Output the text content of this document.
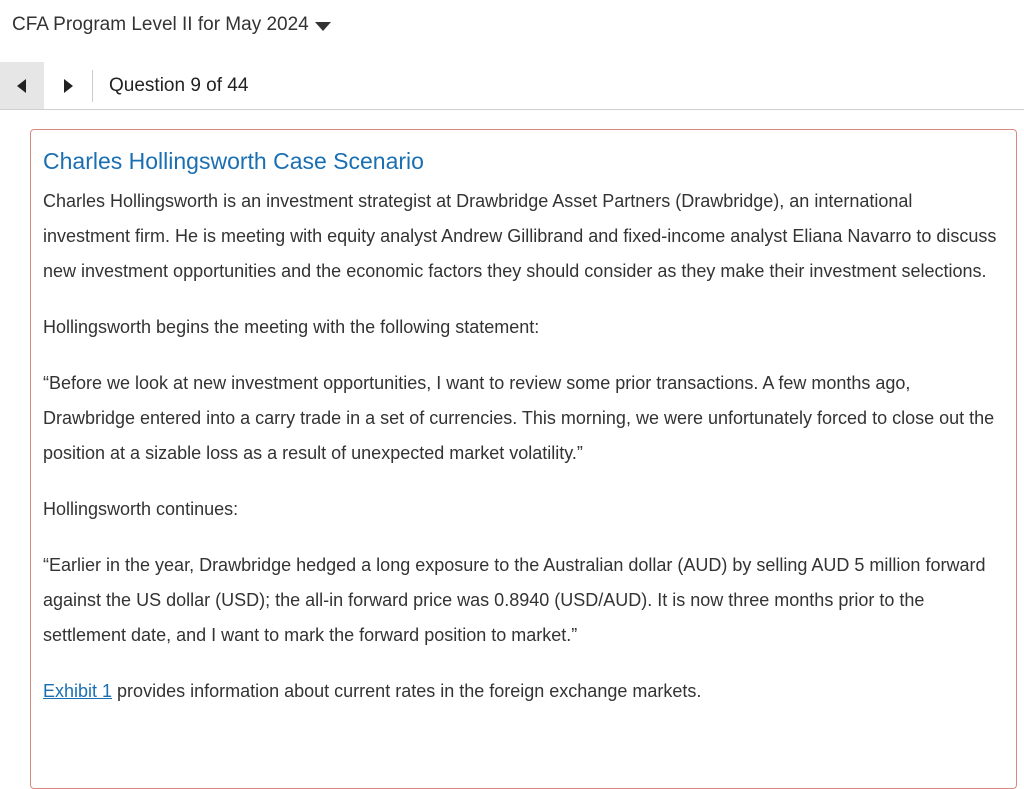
CFA Program Level II for May 2024
Question 9 of 44
Charles Hollingsworth Case Scenario

Charles Hollingsworth is an investment strategist at Drawbridge Asset Partners (Drawbridge), an international investment firm. He is meeting with equity analyst Andrew Gillibrand and fixed-income analyst Eliana Navarro to discuss new investment opportunities and the economic factors they should consider as they make their investment selections.

Hollingsworth begins the meeting with the following statement:

“Before we look at new investment opportunities, I want to review some prior transactions. A few months ago, Drawbridge entered into a carry trade in a set of currencies. This morning, we were unfortunately forced to close out the position at a sizable loss as a result of unexpected market volatility.”

Hollingsworth continues:

“Earlier in the year, Drawbridge hedged a long exposure to the Australian dollar (AUD) by selling AUD 5 million forward against the US dollar (USD); the all-in forward price was 0.8940 (USD/AUD). It is now three months prior to the settlement date, and I want to mark the forward position to market.”

Exhibit 1 provides information about current rates in the foreign exchange markets.
